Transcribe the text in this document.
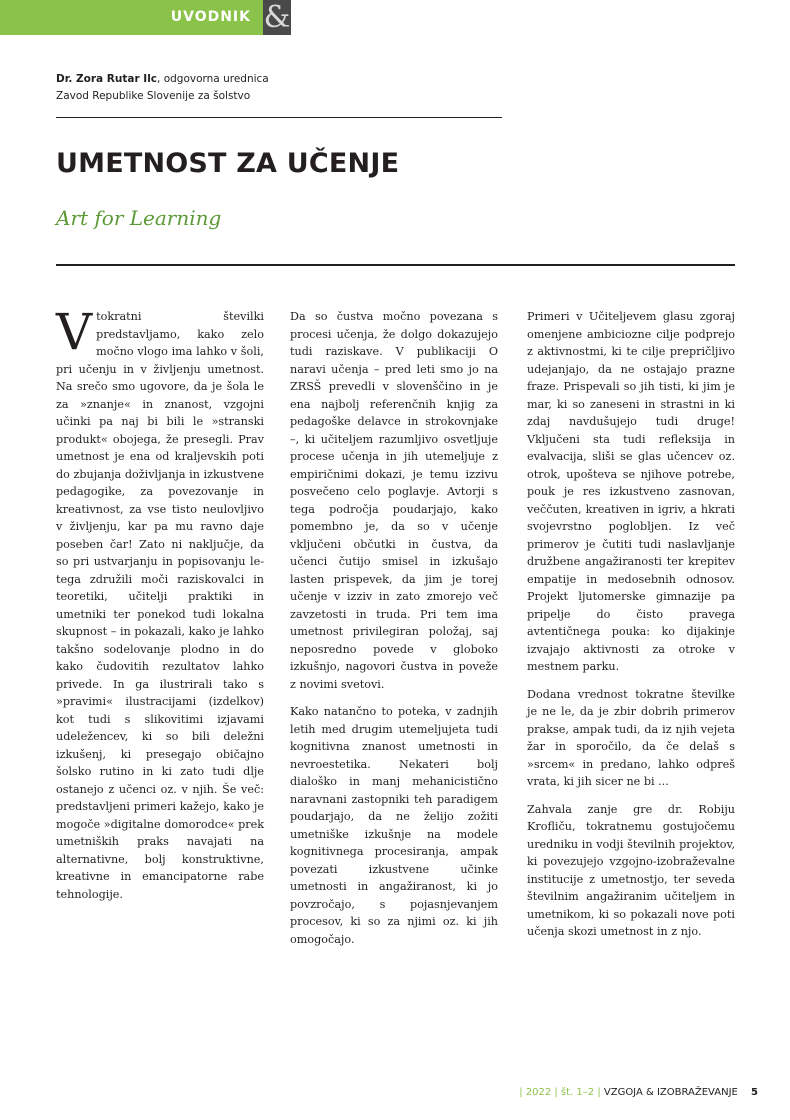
UVODNIK &
Dr. Zora Rutar Ilc, odgovorna urednica
Zavod Republike Slovenije za šolstvo
UMETNOST ZA UČENJE
Art for Learning

Vtokratni številki predstavljamo, kako zelo močno vlogo ima lahko v šoli, pri učenju in v življenju umetnost. Na srečo smo ugovore, da je šola le za »znanje« in znanost, vzgojni učinki pa naj bi bili le »stranski produkt« obojega, že presegli. Prav umetnost je ena od kraljevskih poti do zbujanja doživljanja in izkustvene pedagogike, za povezovanje in kreativnost, za vse tisto neulovljivo v življenju, kar pa mu ravno daje poseben čar! Zato ni naključje, da so pri ustvarjanju in popisovanju le-tega združili moči raziskovalci in teoretiki, učitelji praktiki in umetniki ter ponekod tudi lokalna skupnost – in pokazali, kako je lahko takšno sodelovanje plodno in do kako čudovitih rezultatov lahko privede. In ga ilustrirali tako s »pravimi« ilustracijami (izdelkov) kot tudi s slikovitimi izjavami udeležencev, ki so bili deležni izkušenj, ki presegajo običajno šolsko rutino in ki zato tudi dlje ostanejo z učenci oz. v njih. Še več: predstavljeni primeri kažejo, kako je mogoče »digitalne domorodce« prek umetniških praks navajati na alternativne, bolj konstruktivne, kreativne in emancipatorne rabe tehnologije.

Da so čustva močno povezana s procesi učenja, že dolgo dokazujejo tudi raziskave. V publikaciji O naravi učenja – pred leti smo jo na ZRSŠ prevedli v slovenščino in je ena najbolj referenčnih knjig za pedagoške delavce in strokovnjake –, ki učiteljem razumljivo osvetljuje procese učenja in jih utemeljuje z empiričnimi dokazi, je temu izzivu posvečeno celo poglavje. Avtorji s tega področja poudarjajo, kako pomembno je, da so v učenje vključeni občutki in čustva, da učenci čutijo smisel in izkušajo lasten prispevek, da jim je torej učenje v izziv in zato zmorejo več zavzetosti in truda. Pri tem ima umetnost privilegiran položaj, saj neposredno povede v globoko izkušnjo, nagovori čustva in poveže z novimi svetovi.

Kako natančno to poteka, v zadnjih letih med drugim utemeljujeta tudi kognitivna znanost umetnosti in nevroestetika. Nekateri bolj dialoško in manj mehanicistično naravnani zastopniki teh paradigem poudarjajo, da ne želijo zožiti umetniške izkušnje na modele kognitivnega procesiranja, ampak povezati izkustvene učinke umetnosti in angažiranost, ki jo povzročajo, s pojasnjevanjem procesov, ki so za njimi oz. ki jih omogočajo.

Primeri v Učiteljevem glasu zgoraj omenjene ambiciozne cilje podprejo z aktivnostmi, ki te cilje prepričljivo udejanjajo, da ne ostajajo prazne fraze. Prispevali so jih tisti, ki jim je mar, ki so zaneseni in strastni in ki zdaj navdušujejo tudi druge! Vključeni sta tudi refleksija in evalvacija, sliši se glas učencev oz. otrok, upošteva se njihove potrebe, pouk je res izkustveno zasnovan, veččuten, kreativen in igriv, a hkrati svojevrstno poglobljen. Iz več primerov je čutiti tudi naslavljanje družbene angažiranosti ter krepitev empatije in medosebnih odnosov. Projekt ljutomerske gimnazije pa pripelje do čisto pravega avtentičnega pouka: ko dijakinje izvajajo aktivnosti za otroke v mestnem parku.

Dodana vrednost tokratne številke je ne le, da je zbir dobrih primerov prakse, ampak tudi, da iz njih vejeta žar in sporočilo, da če delaš s »srcem« in predano, lahko odpreš vrata, ki jih sicer ne bi ...

Zahvala zanje gre dr. Robiju Krofliču, tokratnemu gostujočemu uredniku in vodji številnih projektov, ki povezujejo vzgojno-izobraževalne institucije z umetnostjo, ter seveda številnim angažiranim učiteljem in umetnikom, ki so pokazali nove poti učenja skozi umetnost in z njo.

| 2022 | št. 1–2 | VZGOJA & IZOBRAŽEVANJE 5
